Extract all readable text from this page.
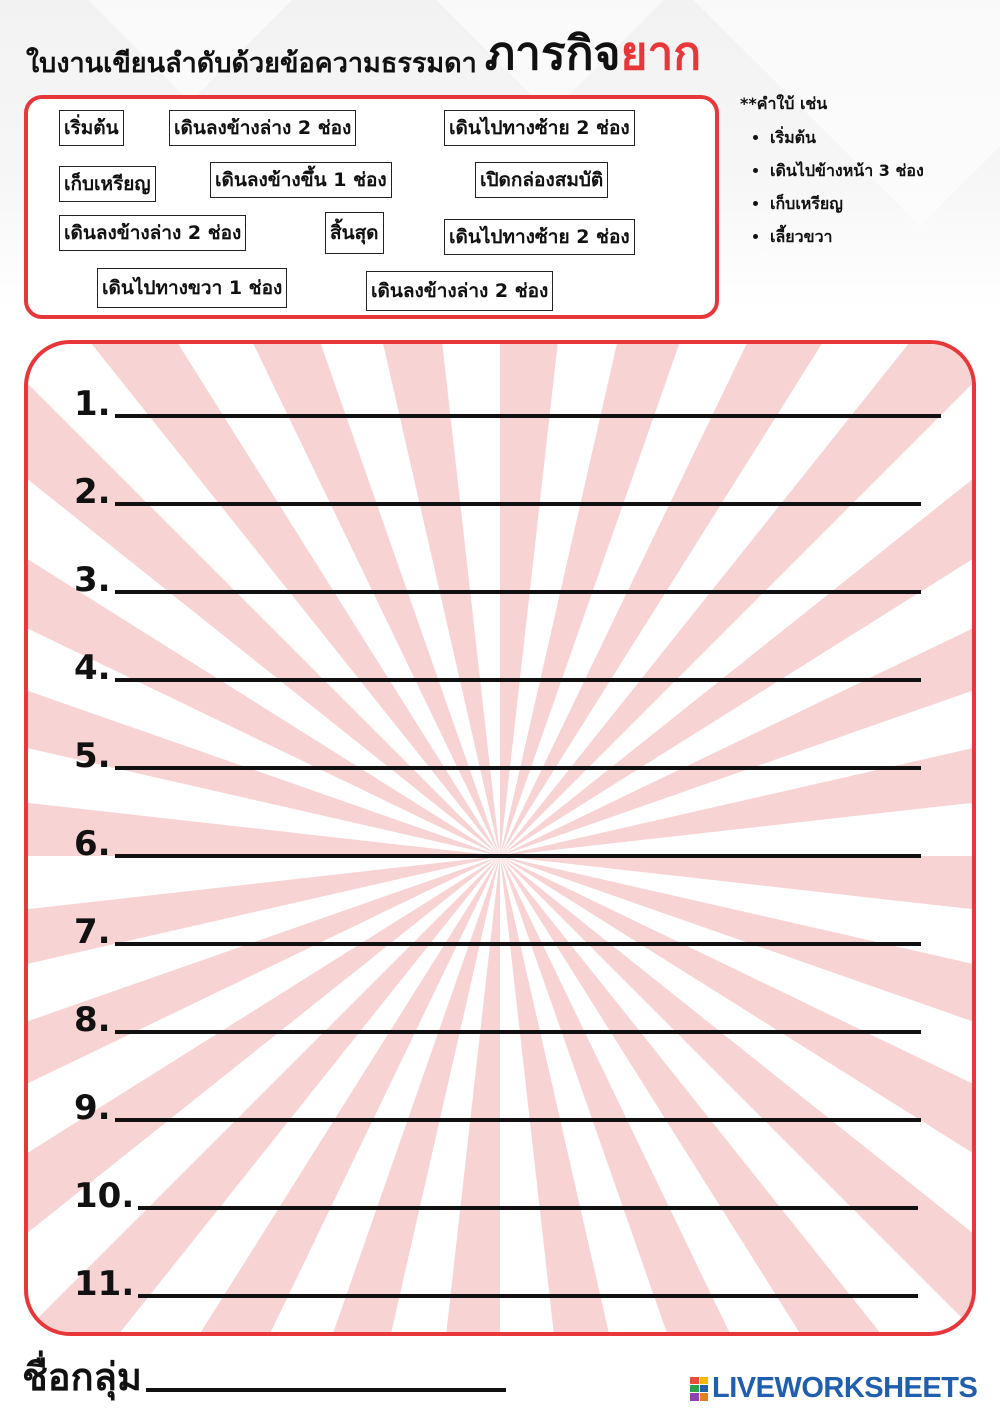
ใบงานเขียนลำดับด้วยข้อความธรรมดา ภารกิจ ยาก
เริ่มต้น	เดินลงข้างล่าง 2 ช่อง	เดินไปทางซ้าย 2 ช่อง
เก็บเหรียญ	เดินลงข้างขึ้น 1 ช่อง	เปิดกล่องสมบัติ
เดินลงข้างล่าง 2 ช่อง	สิ้นสุด	เดินไปทางซ้าย 2 ช่อง
เดินไปทางขวา 1 ช่อง	เดินลงข้างล่าง 2 ช่อง
**คำใบ้ เช่น
• เริ่มต้น
• เดินไปข้างหน้า 3 ช่อง
• เก็บเหรียญ
• เลี้ยวขวา
1.
2.
3.
4.
5.
6.
7.
8.
9.
10.
11.
ชื่อกลุ่ม	LIVEWORKSHEETS
